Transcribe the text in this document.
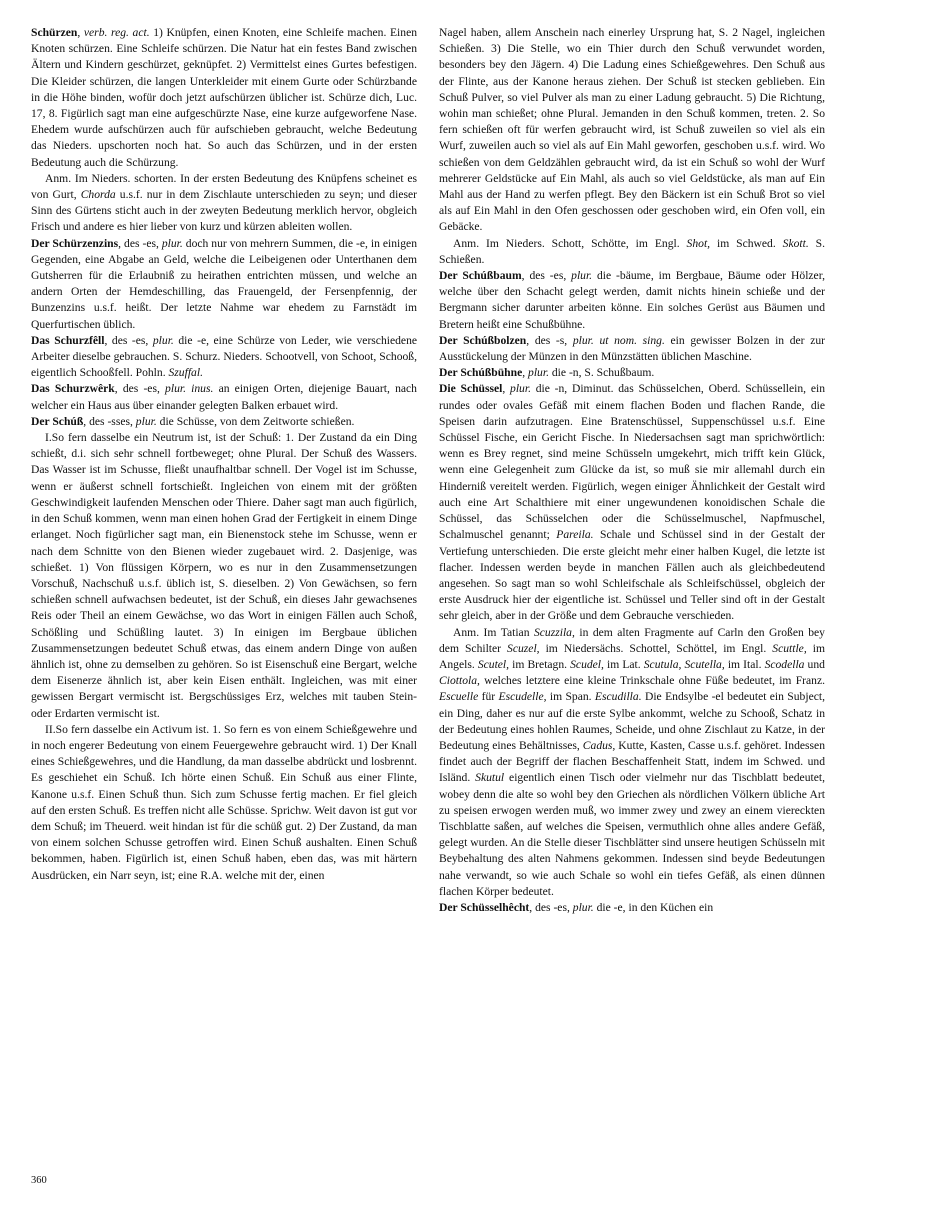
Schürzen, verb. reg. act. 1) Knüpfen, einen Knoten, eine Schleife machen. Einen Knoten schürzen. Eine Schleife schürzen. Die Natur hat ein festes Band zwischen Ältern und Kindern geschürzet, geknüpfet. 2) Vermittelst eines Gurtes befestigen. Die Kleider schürzen, die langen Unterkleider mit einem Gurte oder Schürzbande in die Höhe binden, wofür doch jetzt aufschürzen üblicher ist. Schürze dich, Luc. 17, 8. Figürlich sagt man eine aufgeschürzte Nase, eine kurze aufgeworfene Nase. Ehedem wurde aufschürzen auch für aufschieben gebraucht, welche Bedeutung das Nieders. upschorten noch hat. So auch das Schürzen, und in der ersten Bedeutung auch die Schürzung.

Anm. Im Nieders. schorten. In der ersten Bedeutung des Knüpfens scheinet es von Gurt, Chorda u.s.f. nur in dem Zischlaute unterschieden zu seyn; und dieser Sinn des Gürtens sticht auch in der zweyten Bedeutung merklich hervor, obgleich Frisch und andere es hier lieber von kurz und kürzen ableiten wollen.

Der Schürzenzins, des -es, plur. doch nur von mehrern Summen, die -e, in einigen Gegenden, eine Abgabe an Geld, welche die Leibeigenen oder Unterthanen dem Gutsherren für die Erlaubniß zu heirathen entrichten müssen, und welche an andern Orten der Hemdeschilling, das Frauengeld, der Fersenpfennig, der Bunzenzins u.s.f. heißt. Der letzte Nahme war ehedem zu Farnstädt im Querfurtischen üblich.

Das Schurzfêll, des -es, plur. die -e, eine Schürze von Leder, wie verschiedene Arbeiter dieselbe gebrauchen. S. Schurz. Nieders. Schootvell, von Schoot, Schooß, eigentlich Schooßfell. Pohln. Szuffal.

Das Schurzwêrk, des -es, plur. inus. an einigen Orten, diejenige Bauart, nach welcher ein Haus aus über einander gelegten Balken erbauet wird.

Der Schúß, des -sses, plur. die Schüsse, von dem Zeitworte schießen.

I.So fern dasselbe ein Neutrum ist, ist der Schuß: 1. Der Zustand da ein Ding schießt, d.i. sich sehr schnell fortbeweget; ohne Plural. Der Schuß des Wassers. Das Wasser ist im Schusse, fließt unaufhaltbar schnell. Der Vogel ist im Schusse, wenn er äußerst schnell fortschießt. Ingleichen von einem mit der größten Geschwindigkeit laufenden Menschen oder Thiere. Daher sagt man auch figürlich, in den Schuß kommen, wenn man einen hohen Grad der Fertigkeit in einem Dinge erlanget. Noch figürlicher sagt man, ein Bienenstock stehe im Schusse, wenn er nach dem Schnitte von den Bienen wieder zugebauet wird. 2. Dasjenige, was schießet. 1) Von flüssigen Körpern, wo es nur in den Zusammensetzungen Vorschuß, Nachschuß u.s.f. üblich ist, S. dieselben. 2) Von Gewächsen, so fern schießen schnell aufwachsen bedeutet, ist der Schuß, ein dieses Jahr gewachsenes Reis oder Theil an einem Gewächse, wo das Wort in einigen Fällen auch Schoß, Schößling und Schüßling lautet. 3) In einigen im Bergbaue üblichen Zusammensetzungen bedeutet Schuß etwas, das einem andern Dinge von außen ähnlich ist, ohne zu demselben zu gehören. So ist Eisenschuß eine Bergart, welche dem Eisenerze ähnlich ist, aber kein Eisen enthält. Ingleichen, was mit einer gewissen Bergart vermischt ist. Bergschüssiges Erz, welches mit tauben Stein- oder Erdarten vermischt ist.

II.So fern dasselbe ein Activum ist. 1. So fern es von einem Schießgewehre und in noch engerer Bedeutung von einem Feuergewehre gebraucht wird. 1) Der Knall eines Schießgewehres, und die Handlung, da man dasselbe abdrückt und losbrennt. Es geschiehet ein Schuß. Ich hörte einen Schuß. Ein Schuß aus einer Flinte, Kanone u.s.f. Einen Schuß thun. Sich zum Schusse fertig machen. Er fiel gleich auf den ersten Schuß. Es treffen nicht alle Schüsse. Sprichw. Weit davon ist gut vor dem Schuß; im Theuerd. weit hindan ist für die schüß gut. 2) Der Zustand, da man von einem solchen Schusse getroffen wird. Einen Schuß aushalten. Einen Schuß bekommen, haben. Figürlich ist, einen Schuß haben, eben das, was mit härtern Ausdrücken, ein Narr seyn, ist; eine R.A. welche mit der, einen

Nagel haben, allem Anschein nach einerley Ursprung hat, S. 2 Nagel, ingleichen Schießen. 3) Die Stelle, wo ein Thier durch den Schuß verwundet worden, besonders bey den Jägern. 4) Die Ladung eines Schießgewehres. Den Schuß aus der Flinte, aus der Kanone heraus ziehen. Der Schuß ist stecken geblieben. Ein Schuß Pulver, so viel Pulver als man zu einer Ladung gebraucht. 5) Die Richtung, wohin man schießet; ohne Plural. Jemanden in den Schuß kommen, treten. 2. So fern schießen oft für werfen gebraucht wird, ist Schuß zuweilen so viel als ein Wurf, zuweilen auch so viel als auf Ein Mahl geworfen, geschoben u.s.f. wird. Wo schießen von dem Geldzählen gebraucht wird, da ist ein Schuß so wohl der Wurf mehrerer Geldstücke auf Ein Mahl, als auch so viel Geldstücke, als man auf Ein Mahl aus der Hand zu werfen pflegt. Bey den Bäckern ist ein Schuß Brot so viel als auf Ein Mahl in den Ofen geschossen oder geschoben wird, ein Ofen voll, ein Gebäcke.

Anm. Im Nieders. Schott, Schötte, im Engl. Shot, im Schwed. Skott. S. Schießen.

Der Schúßbaum, des -es, plur. die -bäume, im Bergbaue, Bäume oder Hölzer, welche über den Schacht gelegt werden, damit nichts hinein schieße und der Bergmann sicher darunter arbeiten könne. Ein solches Gerüst aus Bäumen und Bretern heißt eine Schußbühne.

Der Schúßbolzen, des -s, plur. ut nom. sing. ein gewisser Bolzen in der zur Ausstückelung der Münzen in den Münzstätten üblichen Maschine.

Der Schúßbühne, plur. die -n, S. Schußbaum.

Die Schüssel, plur. die -n, Diminut. das Schüsselchen, Oberd. Schüssellein, ein rundes oder ovales Gefäß mit einem flachen Boden und flachen Rande, die Speisen darin aufzutragen. Eine Bratenschüssel, Suppenschüssel u.s.f. Eine Schüssel Fische, ein Gericht Fische. In Niedersachsen sagt man sprichwörtlich: wenn es Brey regnet, sind meine Schüsseln umgekehrt, mich trifft kein Glück, wenn eine Gelegenheit zum Glücke da ist, so muß sie mir allemahl durch ein Hinderniß vereitelt werden. Figürlich, wegen einiger Ähnlichkeit der Gestalt wird auch eine Art Schalthiere mit einer ungewundenen konoidischen Schale die Schüssel, das Schüsselchen oder die Schüsselmuschel, Napfmuschel, Schalmuschel genannt; Pareila. Schale und Schüssel sind in der Gestalt der Vertiefung unterschieden. Die erste gleicht mehr einer halben Kugel, die letzte ist flacher. Indessen werden beyde in manchen Fällen auch als gleichbedeutend angesehen. So sagt man so wohl Schleifschale als Schleifschüssel, obgleich der erste Ausdruck hier der eigentliche ist. Schüssel und Teller sind oft in der Gestalt sehr gleich, aber in der Größe und dem Gebrauche verschieden.

Anm. Im Tatian Scuzzila, in dem alten Fragmente auf Carln den Großen bey dem Schilter Scuzel, im Niedersächs. Schottel, Schöttel, im Engl. Scuttle, im Angels. Scutel, im Bretagn. Scudel, im Lat. Scutula, Scutella, im Ital. Scodella und Ciottola, welches letztere eine kleine Trinkschale ohne Füße bedeutet, im Franz. Escuelle für Escudelle, im Span. Escudilla. Die Endsylbe -el bedeutet ein Subject, ein Ding, daher es nur auf die erste Sylbe ankommt, welche zu Schooß, Schatz in der Bedeutung eines hohlen Raumes, Scheide, und ohne Zischlaut zu Katze, in der Bedeutung eines Behältnisses, Cadus, Kutte, Kasten, Casse u.s.f. gehöret. Indessen findet auch der Begriff der flachen Beschaffenheit Statt, indem im Schwed. und Isländ. Skutul eigentlich einen Tisch oder vielmehr nur das Tischblatt bedeutet, wobey denn die alte so wohl bey den Griechen als nördlichen Völkern übliche Art zu speisen erwogen werden muß, wo immer zwey und zwey an einem viereckten Tischblatte saßen, auf welches die Speisen, vermuthlich ohne alles andere Gefäß, gelegt wurden. An die Stelle dieser Tischblätter sind unsere heutigen Schüsseln mit Beybehaltung des alten Nahmens gekommen. Indessen sind beyde Bedeutungen nahe verwandt, so wie auch Schale so wohl ein tiefes Gefäß, als einen dünnen flachen Körper bedeutet.

Der Schüsselhêcht, des -es, plur. die -e, in den Küchen ein

360
